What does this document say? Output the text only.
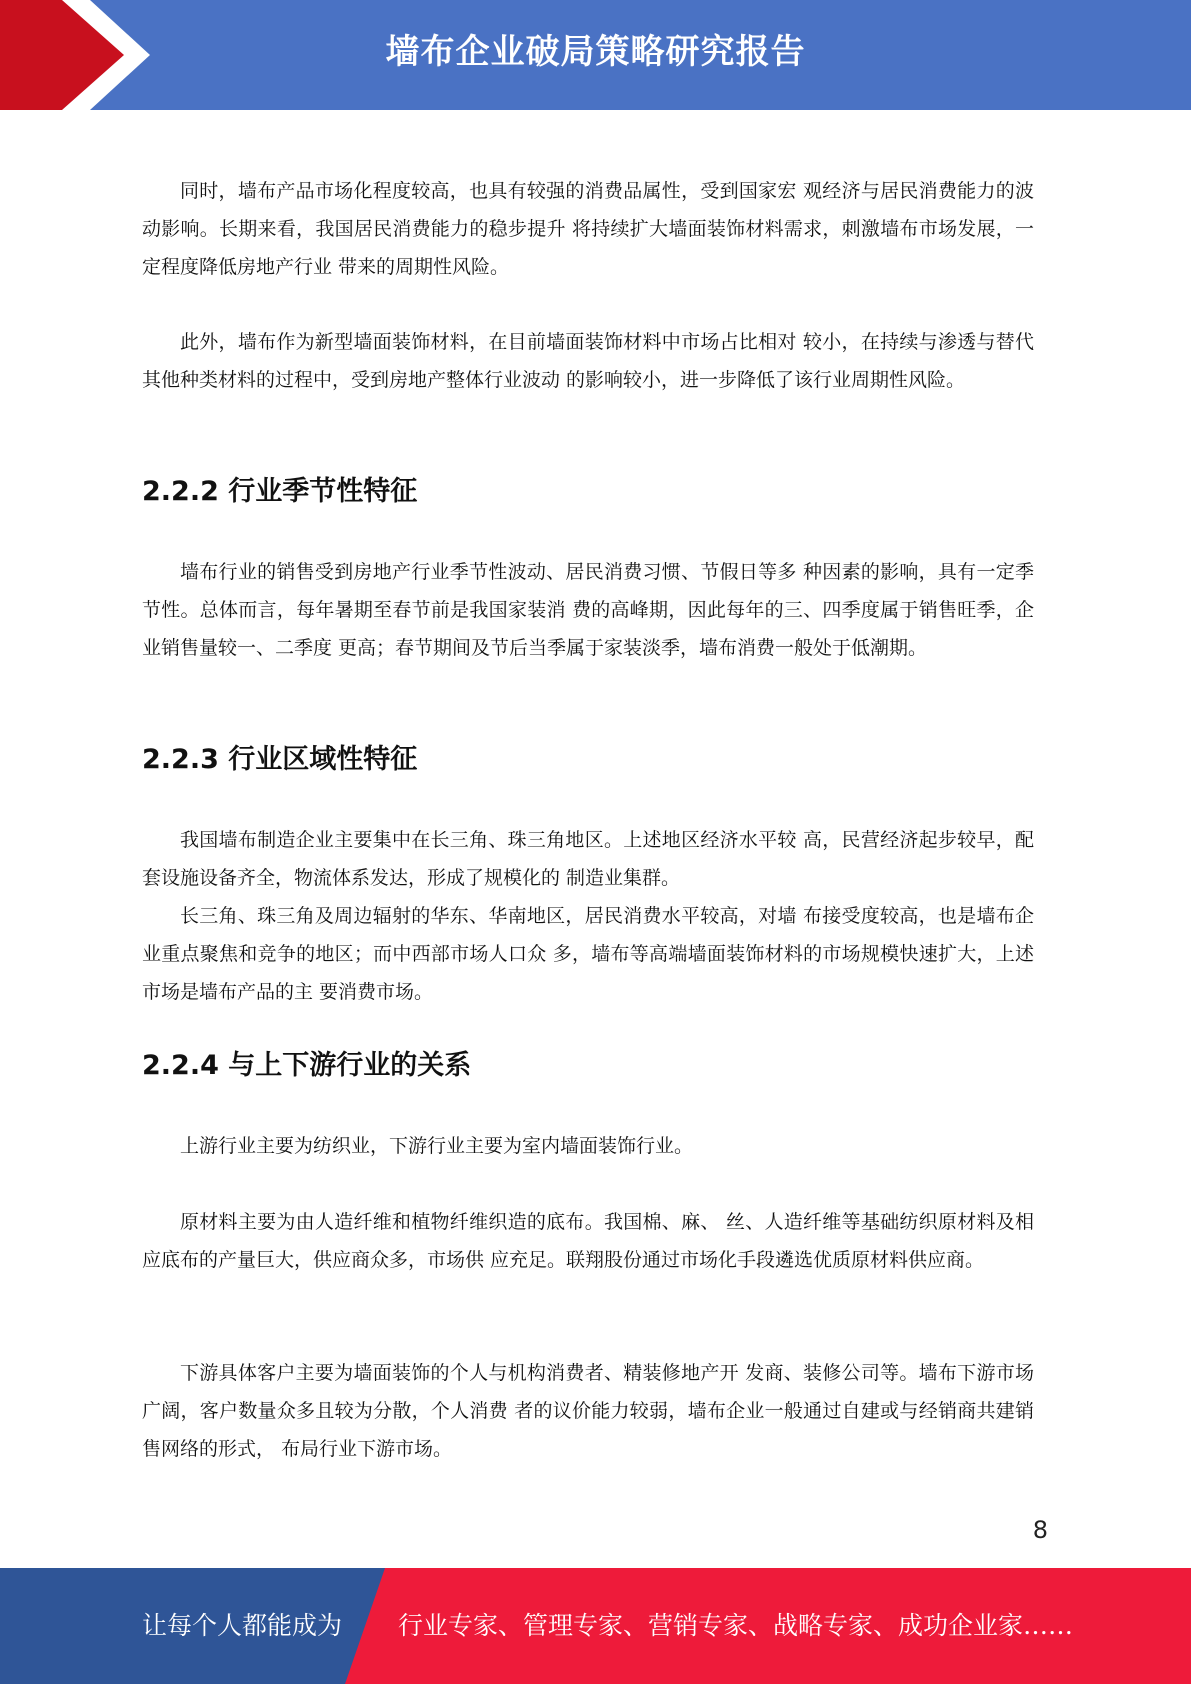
墙布企业破局策略研究报告

同时，墙布产品市场化程度较高，也具有较强的消费品属性，受到国家宏 观经济与居民消费能力的波动影响。长期来看，我国居民消费能力的稳步提升 将持续扩大墙面装饰材料需求，刺激墙布市场发展，一定程度降低房地产行业 带来的周期性风险。

此外，墙布作为新型墙面装饰材料，在目前墙面装饰材料中市场占比相对 较小，在持续与渗透与替代其他种类材料的过程中，受到房地产整体行业波动 的影响较小，进一步降低了该行业周期性风险。

2.2.2 行业季节性特征

墙布行业的销售受到房地产行业季节性波动、居民消费习惯、节假日等多 种因素的影响，具有一定季节性。总体而言，每年暑期至春节前是我国家装消 费的高峰期，因此每年的三、四季度属于销售旺季，企业销售量较一、二季度 更高；春节期间及节后当季属于家装淡季，墙布消费一般处于低潮期。

2.2.3 行业区域性特征

我国墙布制造企业主要集中在长三角、珠三角地区。上述地区经济水平较 高，民营经济起步较早，配套设施设备齐全，物流体系发达，形成了规模化的 制造业集群。

长三角、珠三角及周边辐射的华东、华南地区，居民消费水平较高，对墙 布接受度较高，也是墙布企业重点聚焦和竞争的地区；而中西部市场人口众 多，墙布等高端墙面装饰材料的市场规模快速扩大，上述市场是墙布产品的主 要消费市场。

2.2.4 与上下游行业的关系

上游行业主要为纺织业，下游行业主要为室内墙面装饰行业。

原材料主要为由人造纤维和植物纤维织造的底布。我国棉、麻、 丝、人造纤维等基础纺织原材料及相应底布的产量巨大，供应商众多，市场供 应充足。联翔股份通过市场化手段遴选优质原材料供应商。

下游具体客户主要为墙面装饰的个人与机构消费者、精装修地产开 发商、装修公司等。墙布下游市场广阔，客户数量众多且较为分散，个人消费 者的议价能力较弱，墙布企业一般通过自建或与经销商共建销售网络的形式， 布局行业下游市场。

8
让每个人都能成为 行业专家、管理专家、营销专家、战略专家、成功企业家……
